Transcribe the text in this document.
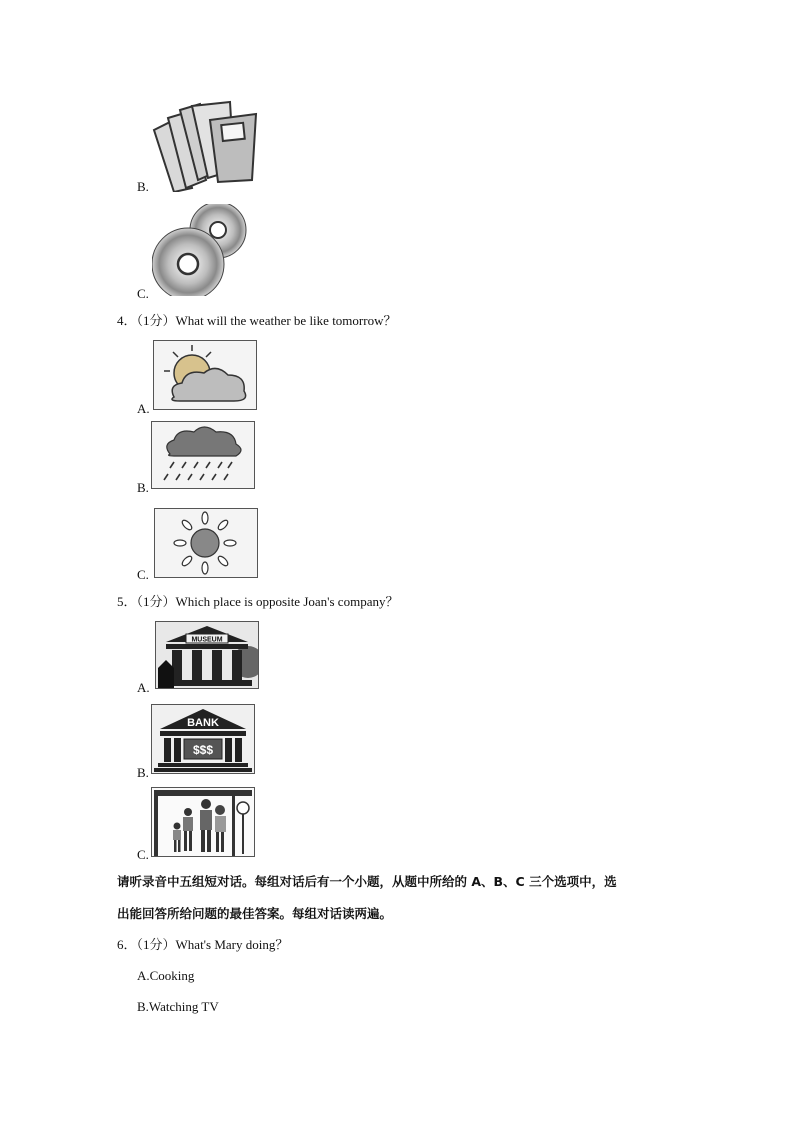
B.
C.
4．（1分）What will the weather be like tomorrow？
A.
B.
C.
5．（1分）Which place is opposite Joan's company？
MUSEUM
A.
BANK
$$$
B.
C.
请听录音中五组短对话。每组对话后有一个小题，从题中所给的 A、B、C 三个选项中，选
出能回答所给问题的最佳答案。每组对话读两遍。
6．（1分）What's Mary doing？
A.Cooking
B.Watching TV
